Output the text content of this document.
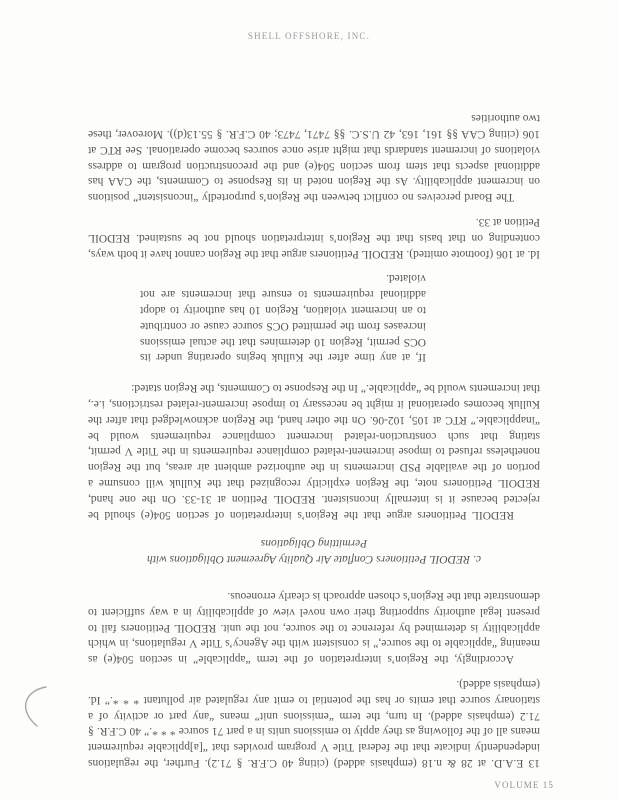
SHELL OFFSHORE, INC.

13 E.A.D. at 28 & n.18 (emphasis added) (citing 40 C.F.R. § 71.2). Further, the regulations independently indicate that the federal Title V program provides that “[a]pplicable requirement means all of the following as they apply to emissions units in a part 71 source * * *.” 40 C.F.R. § 71.2 (emphasis added). In turn, the term “emissions unit” means “any part or activity of a stationary source that emits or has the potential to emit any regulated air pollutant * * *.” Id. (emphasis added).

Accordingly, the Region’s interpretation of the term “applicable” in section 504(e) as meaning “applicable to the source,” is consistent with the Agency’s Title V regulations, in which applicability is determined by reference to the source, not the unit. REDOIL Petitioners fail to present legal authority supporting their own novel view of applicability in a way sufficient to demonstrate that the Region’s chosen approach is clearly erroneous.

c. REDOIL Petitioners Conflate Air Quality Agreement Obligations with Permitting Obligations

REDOIL Petitioners argue that the Region’s interpretation of section 504(e) should be rejected because it is internally inconsistent. REDOIL Petition at 31-33. On the one hand, REDOIL Petitioners note, the Region explicitly recognized that the Kulluk will consume a portion of the available PSD increments in the authorized ambient air areas, but the Region nonetheless refused to impose increment-related compliance requirements in the Title V permit, stating that such construction-related increment compliance requirements would be “inapplicable.” RTC at 105, 102-06. On the other hand, the Region acknowledged that after the Kulluk becomes operational it might be necessary to impose increment-related restrictions, i.e., that increments would be “applicable.” In the Response to Comments, the Region stated:

If, at any time after the Kulluk begins operating under its OCS permit, Region 10 determines that the actual emissions increases from the permitted OCS source cause or contribute to an increment violation, Region 10 has authority to adopt additional requirements to ensure that increments are not violated.

Id. at 106 (footnote omitted). REDOIL Petitioners argue that the Region cannot have it both ways, contending on that basis that the Region’s interpretation should not be sustained. REDOIL Petition at 33.

The Board perceives no conflict between the Region’s purportedly “inconsistent” positions on increment applicability. As the Region noted in its Response to Comments, the CAA has additional aspects that stem from section 504(e) and the preconstruction program to address violations of increment standards that might arise once sources become operational. See RTC at 106 (citing CAA §§ 161, 163, 42 U.S.C. §§ 7471, 7473; 40 C.F.R. § 55.13(d)). Moreover, these two authorities

VOLUME 15
